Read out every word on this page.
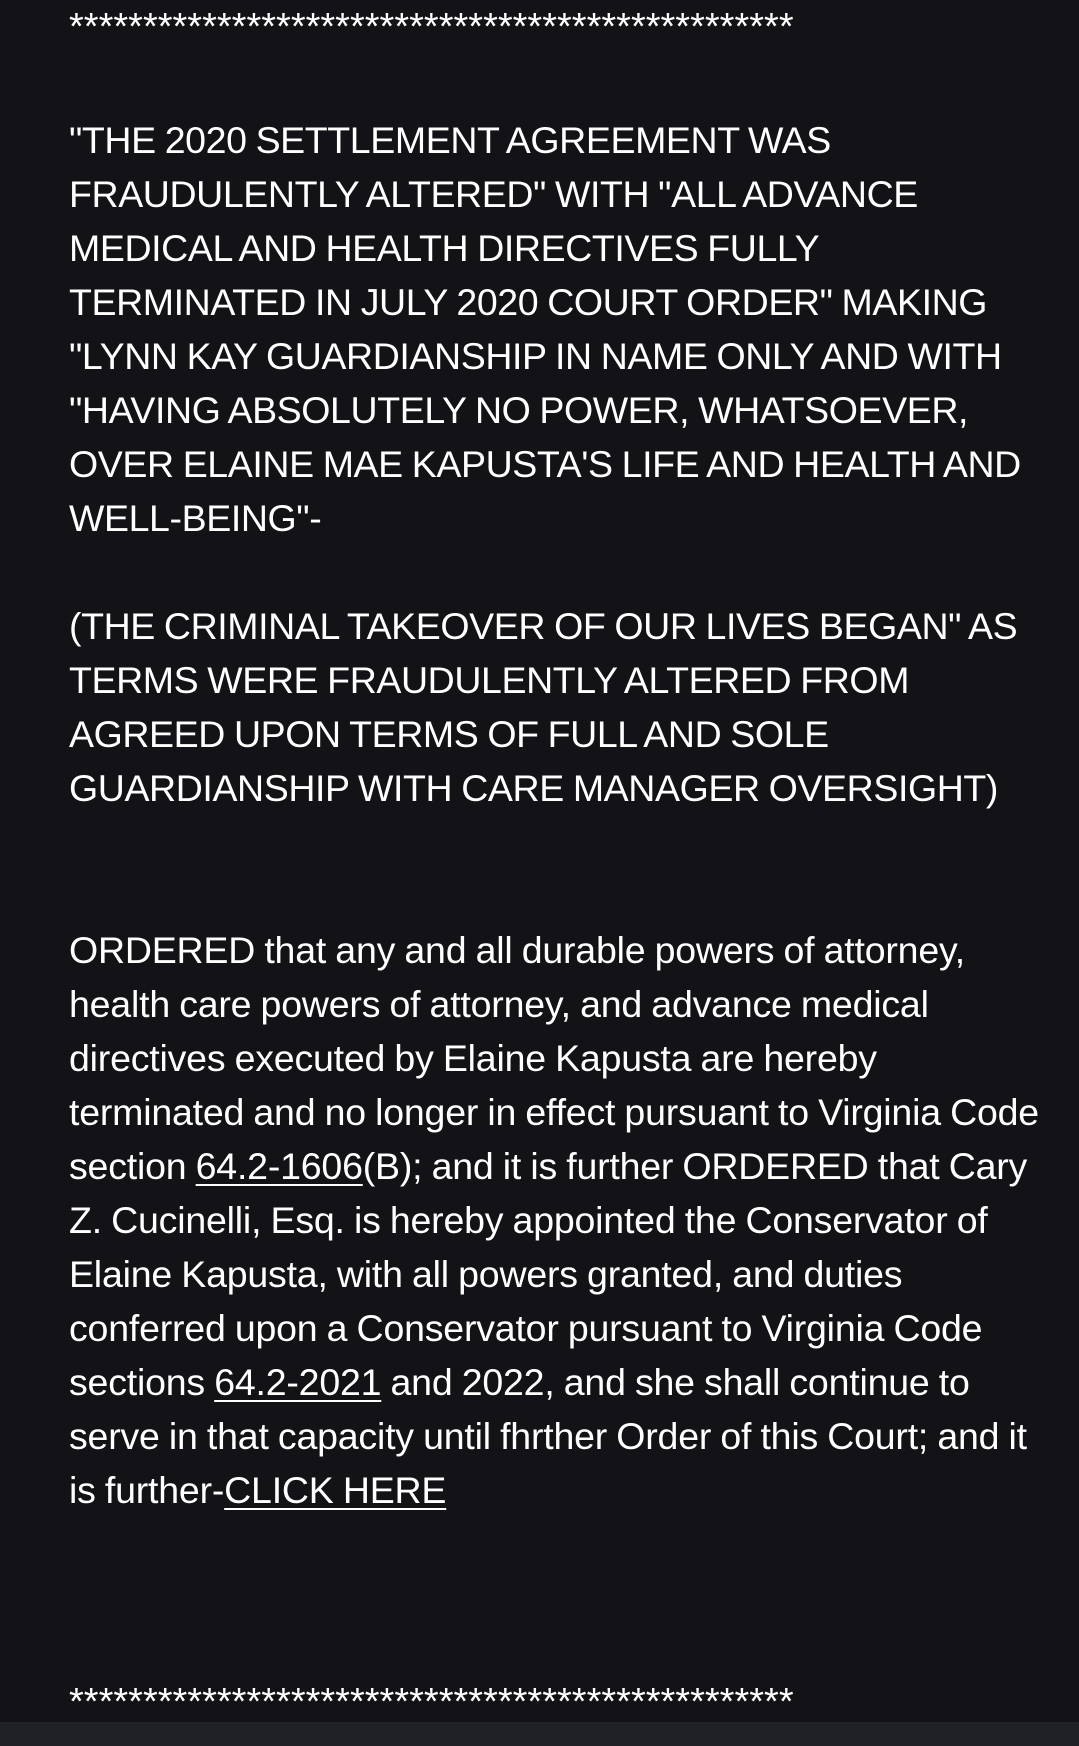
*************************************************
"THE 2020 SETTLEMENT AGREEMENT WAS FRAUDULENTLY ALTERED" WITH "ALL ADVANCE MEDICAL AND HEALTH DIRECTIVES FULLY TERMINATED IN JULY 2020 COURT ORDER" MAKING "LYNN KAY GUARDIANSHIP IN NAME ONLY AND WITH "HAVING ABSOLUTELY NO POWER, WHATSOEVER, OVER ELAINE MAE KAPUSTA'S LIFE AND HEALTH AND WELL-BEING"-
(THE CRIMINAL TAKEOVER OF OUR LIVES BEGAN" AS TERMS WERE FRAUDULENTLY ALTERED FROM AGREED UPON TERMS OF FULL AND SOLE GUARDIANSHIP WITH CARE MANAGER OVERSIGHT)
ORDERED that any and all durable powers of attorney, health care powers of attorney, and advance medical directives executed by Elaine Kapusta are hereby terminated and no longer in effect pursuant to Virginia Code section 64.2-1606(B); and it is further ORDERED that Cary Z. Cucinelli, Esq. is hereby appointed the Conservator of Elaine Kapusta, with all powers granted, and duties conferred upon a Conservator pursuant to Virginia Code sections 64.2-2021 and 2022, and she shall continue to serve in that capacity until fhrther Order of this Court; and it is further-CLICK HERE
*************************************************
